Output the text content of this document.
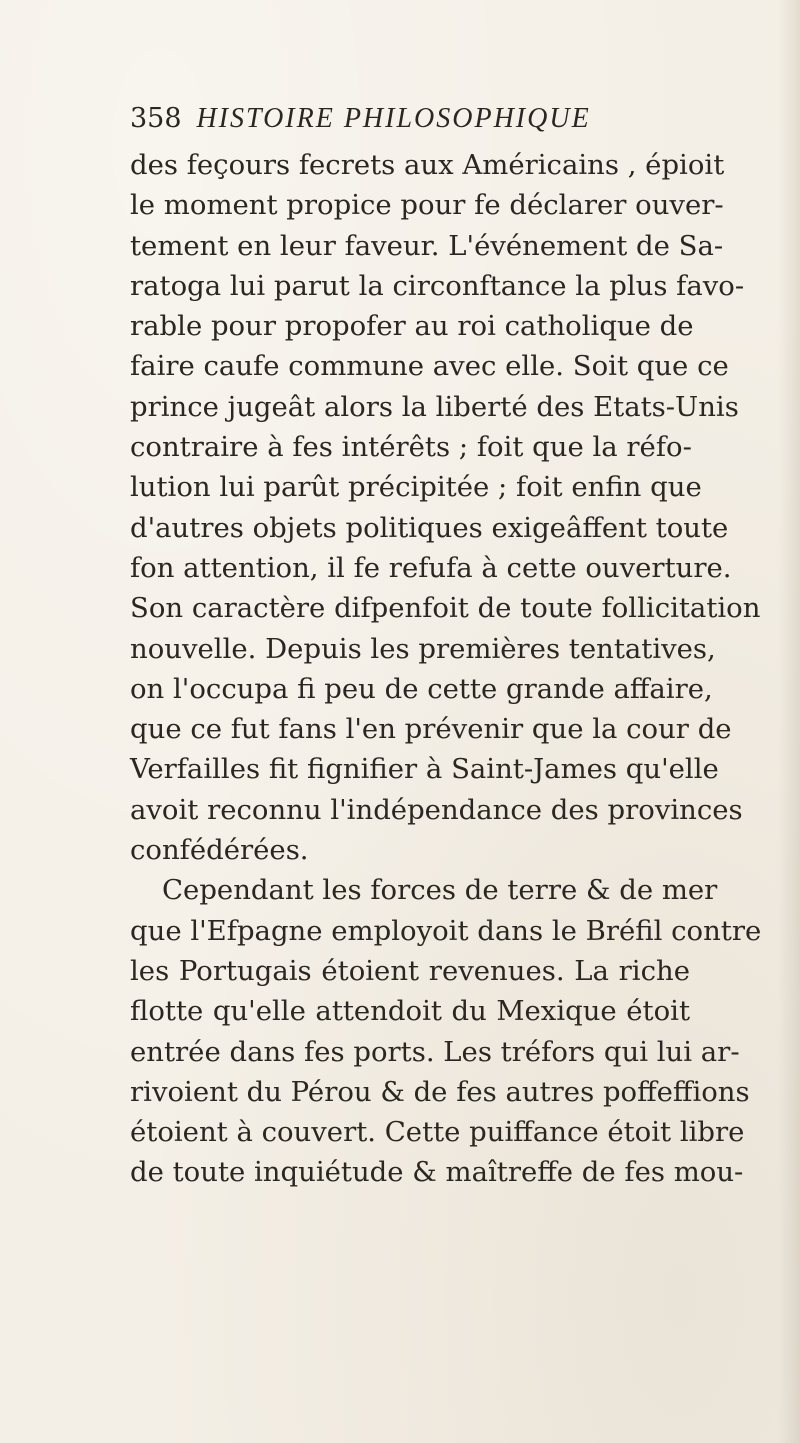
358 HISTOIRE PHILOSOPHIQUE
des feçours fecrets aux Américains , épioit
le moment propice pour fe déclarer ouver-
tement en leur faveur. L'événement de Sa-
ratoga lui parut la circonftance la plus favo-
rable pour propofer au roi catholique de
faire caufe commune avec elle. Soit que ce
prince jugeât alors la liberté des Etats-Unis
contraire à fes intérêts ; foit que la réfo-
lution lui parût précipitée ; foit enfin que
d'autres objets politiques exigeâffent toute
fon attention, il fe refufa à cette ouverture.
Son caractère difpenfoit de toute follicitation
nouvelle. Depuis les premières tentatives,
on l'occupa fi peu de cette grande affaire,
que ce fut fans l'en prévenir que la cour de
Verfailles fit fignifier à Saint-James qu'elle
avoit reconnu l'indépendance des provinces
confédérées.
Cependant les forces de terre & de mer
que l'Efpagne employoit dans le Bréfil contre
les Portugais étoient revenues. La riche
flotte qu'elle attendoit du Mexique étoit
entrée dans fes ports. Les tréfors qui lui ar-
rivoient du Pérou & de fes autres poffeffions
étoient à couvert. Cette puiffance étoit libre
de toute inquiétude & maîtreffe de fes mou-
